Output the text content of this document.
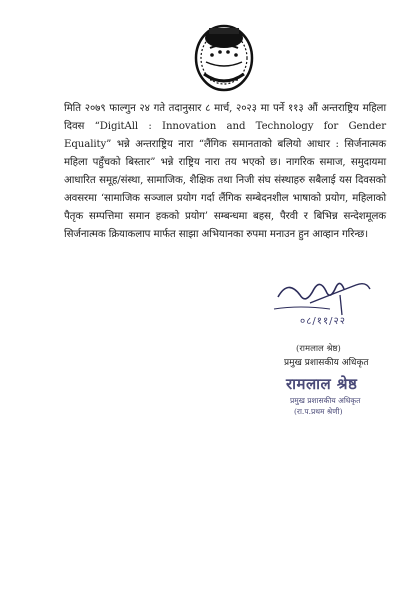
मिति २०७९ फाल्गुन २४ गते तदानुसार ८ मार्च, २०२३ मा पर्ने ११३ औं अन्तराष्ट्रिय महिला दिवस “DigitAll : Innovation and Technology for Gender Equality” भन्ने अन्तराष्ट्रिय नारा “लैंगिक समानताको बलियो आधार : सिर्जनात्मक महिला पहुँचको बिस्तार” भन्ने राष्ट्रिय नारा तय भएको छ। नागरिक समाज, समुदायमा आधारित समूह/संस्था, सामाजिक, शैक्षिक तथा निजी संघ संस्थाहरु सबैलाई यस दिवसको अवसरमा ‘सामाजिक सञ्जाल प्रयोग गर्दा लैंगिक सम्बेदनशील भाषाको प्रयोग, महिलाको पैतृक सम्पत्तिमा समान हकको प्रयोग’ सम्बन्धमा बहस, पैरवी र बिभिन्न सन्देशमूलक सिर्जनात्मक क्रियाकलाप मार्फत साझा अभियानका रुपमा मनाउन हुन आव्हान गरिन्छ।

०८/११/२२
(रामलाल श्रेष्ठ)
प्रमुख प्रशासकीय अधिकृत
रामलाल श्रेष्ठ
प्रमुख प्रशासकीय अधिकृत
(रा.प.प्रथम श्रेणी)
